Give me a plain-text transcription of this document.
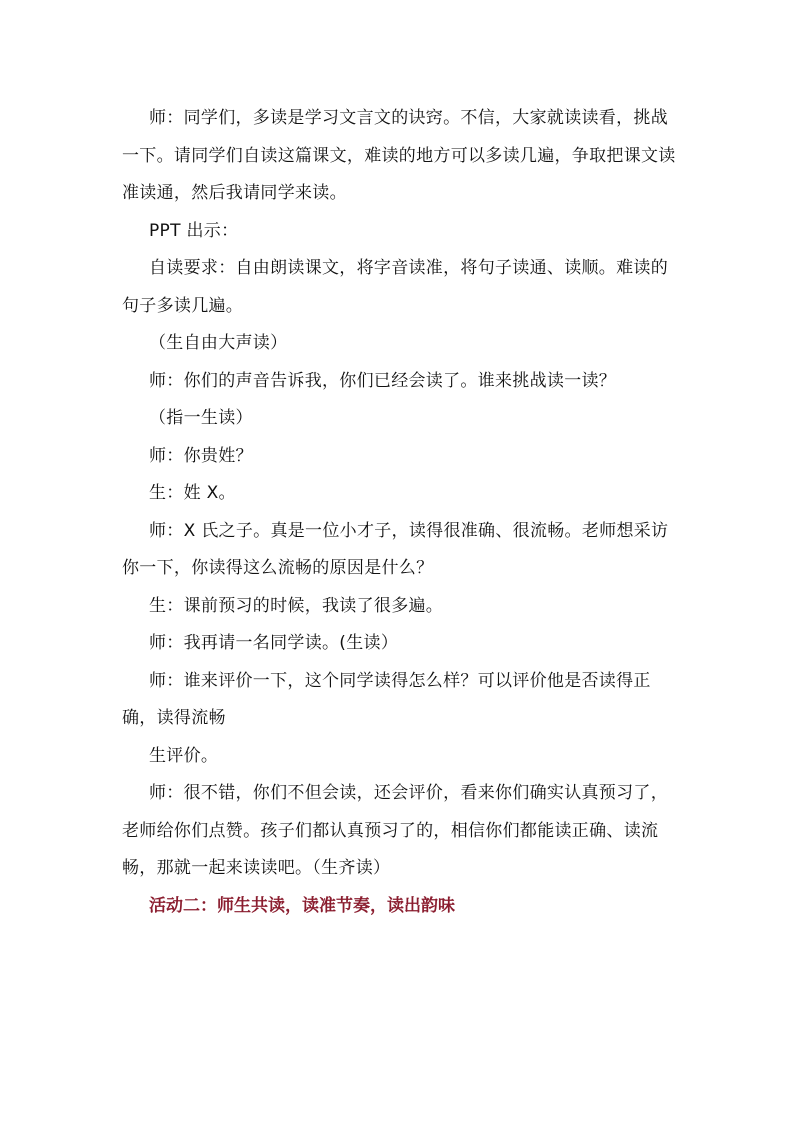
师：同学们，多读是学习文言文的诀窍。不信，大家就读读看，挑战一下。请同学们自读这篇课文，难读的地方可以多读几遍，争取把课文读准读通，然后我请同学来读。

PPT 出示：

自读要求：自由朗读课文，将字音读准，将句子读通、读顺。难读的句子多读几遍。

（生自由大声读）

师：你们的声音告诉我，你们已经会读了。谁来挑战读一读？

（指一生读）

师：你贵姓？

生：姓 X。

师：X 氏之子。真是一位小才子，读得很准确、很流畅。老师想采访你一下，你读得这么流畅的原因是什么？

生：课前预习的时候，我读了很多遍。

师：我再请一名同学读。(生读）

师：谁来评价一下，这个同学读得怎么样？可以评价他是否读得正确，读得流畅

生评价。

师：很不错，你们不但会读，还会评价，看来你们确实认真预习了，老师给你们点赞。孩子们都认真预习了的，相信你们都能读正确、读流畅，那就一起来读读吧。（生齐读）

活动二：师生共读，读准节奏，读出韵味
